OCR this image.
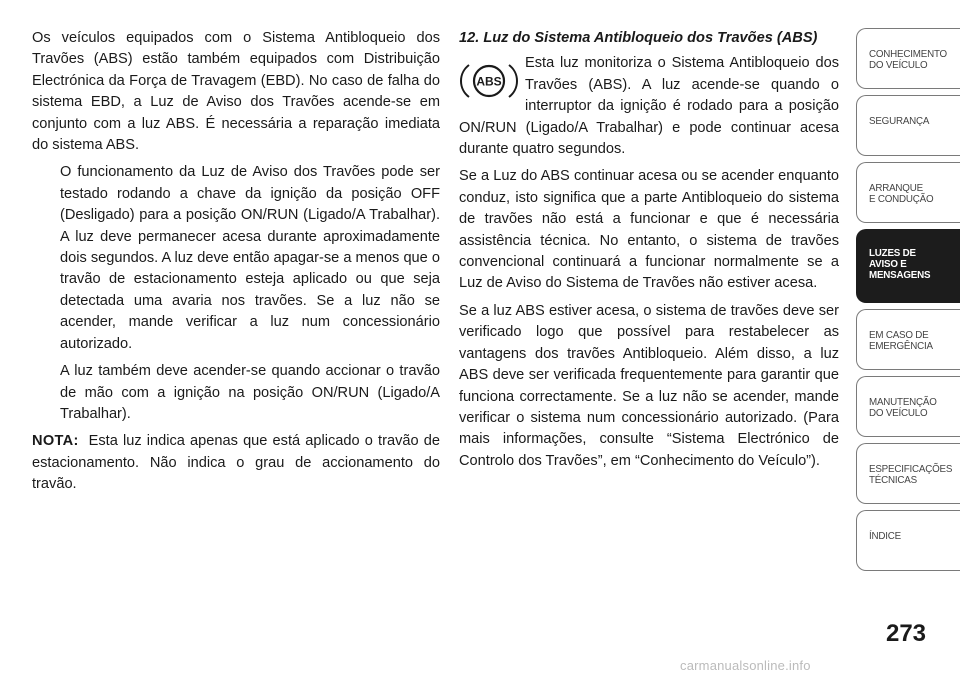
Os veículos equipados com o Sistema Antibloqueio dos Travões (ABS) estão também equipados com Distribuição Electrónica da Força de Travagem (EBD). No caso de falha do sistema EBD, a Luz de Aviso dos Travões acende-se em conjunto com a luz ABS. É necessária a reparação imediata do sistema ABS.

O funcionamento da Luz de Aviso dos Travões pode ser testado rodando a chave da ignição da posição OFF (Desligado) para a posição ON/RUN (Ligado/A Trabalhar). A luz deve permanecer acesa durante aproximadamente dois segundos. A luz deve então apagar-se a menos que o travão de estacionamento esteja aplicado ou que seja detectada uma avaria nos travões. Se a luz não se acender, mande verificar a luz num concessionário autorizado.

A luz também deve acender-se quando accionar o travão de mão com a ignição na posição ON/RUN (Ligado/A Trabalhar).

NOTA: Esta luz indica apenas que está aplicado o travão de estacionamento. Não indica o grau de accionamento do travão.

12. Luz do Sistema Antibloqueio dos Travões (ABS)
ABS

Esta luz monitoriza o Sistema Antibloqueio dos Travões (ABS). A luz acende-se quando o interruptor da ignição é rodado para a posição ON/RUN (Ligado/A Trabalhar) e pode continuar acesa durante quatro segundos.

Se a Luz do ABS continuar acesa ou se acender enquanto conduz, isto significa que a parte Antibloqueio do sistema de travões não está a funcionar e que é necessária assistência técnica. No entanto, o sistema de travões convencional continuará a funcionar normalmente se a Luz de Aviso do Sistema de Travões não estiver acesa.

Se a luz ABS estiver acesa, o sistema de travões deve ser verificado logo que possível para restabelecer as vantagens dos travões Antibloqueio. Além disso, a luz ABS deve ser verificada frequentemente para garantir que funciona correctamente. Se a luz não se acender, mande verificar o sistema num concessionário autorizado. (Para mais informações, consulte “Sistema Electrónico de Controlo dos Travões”, em “Conhecimento do Veículo”).

CONHECIMENTO
DO VEÍCULO
SEGURANÇA
ARRANQUE
E CONDUÇÃO
LUZES DE
AVISO E
MENSAGENS
EM CASO DE
EMERGÊNCIA
MANUTENÇÃO
DO VEÍCULO
ESPECIFICAÇÕES
TÉCNICAS
ÍNDICE
273
carmanualsonline.info
